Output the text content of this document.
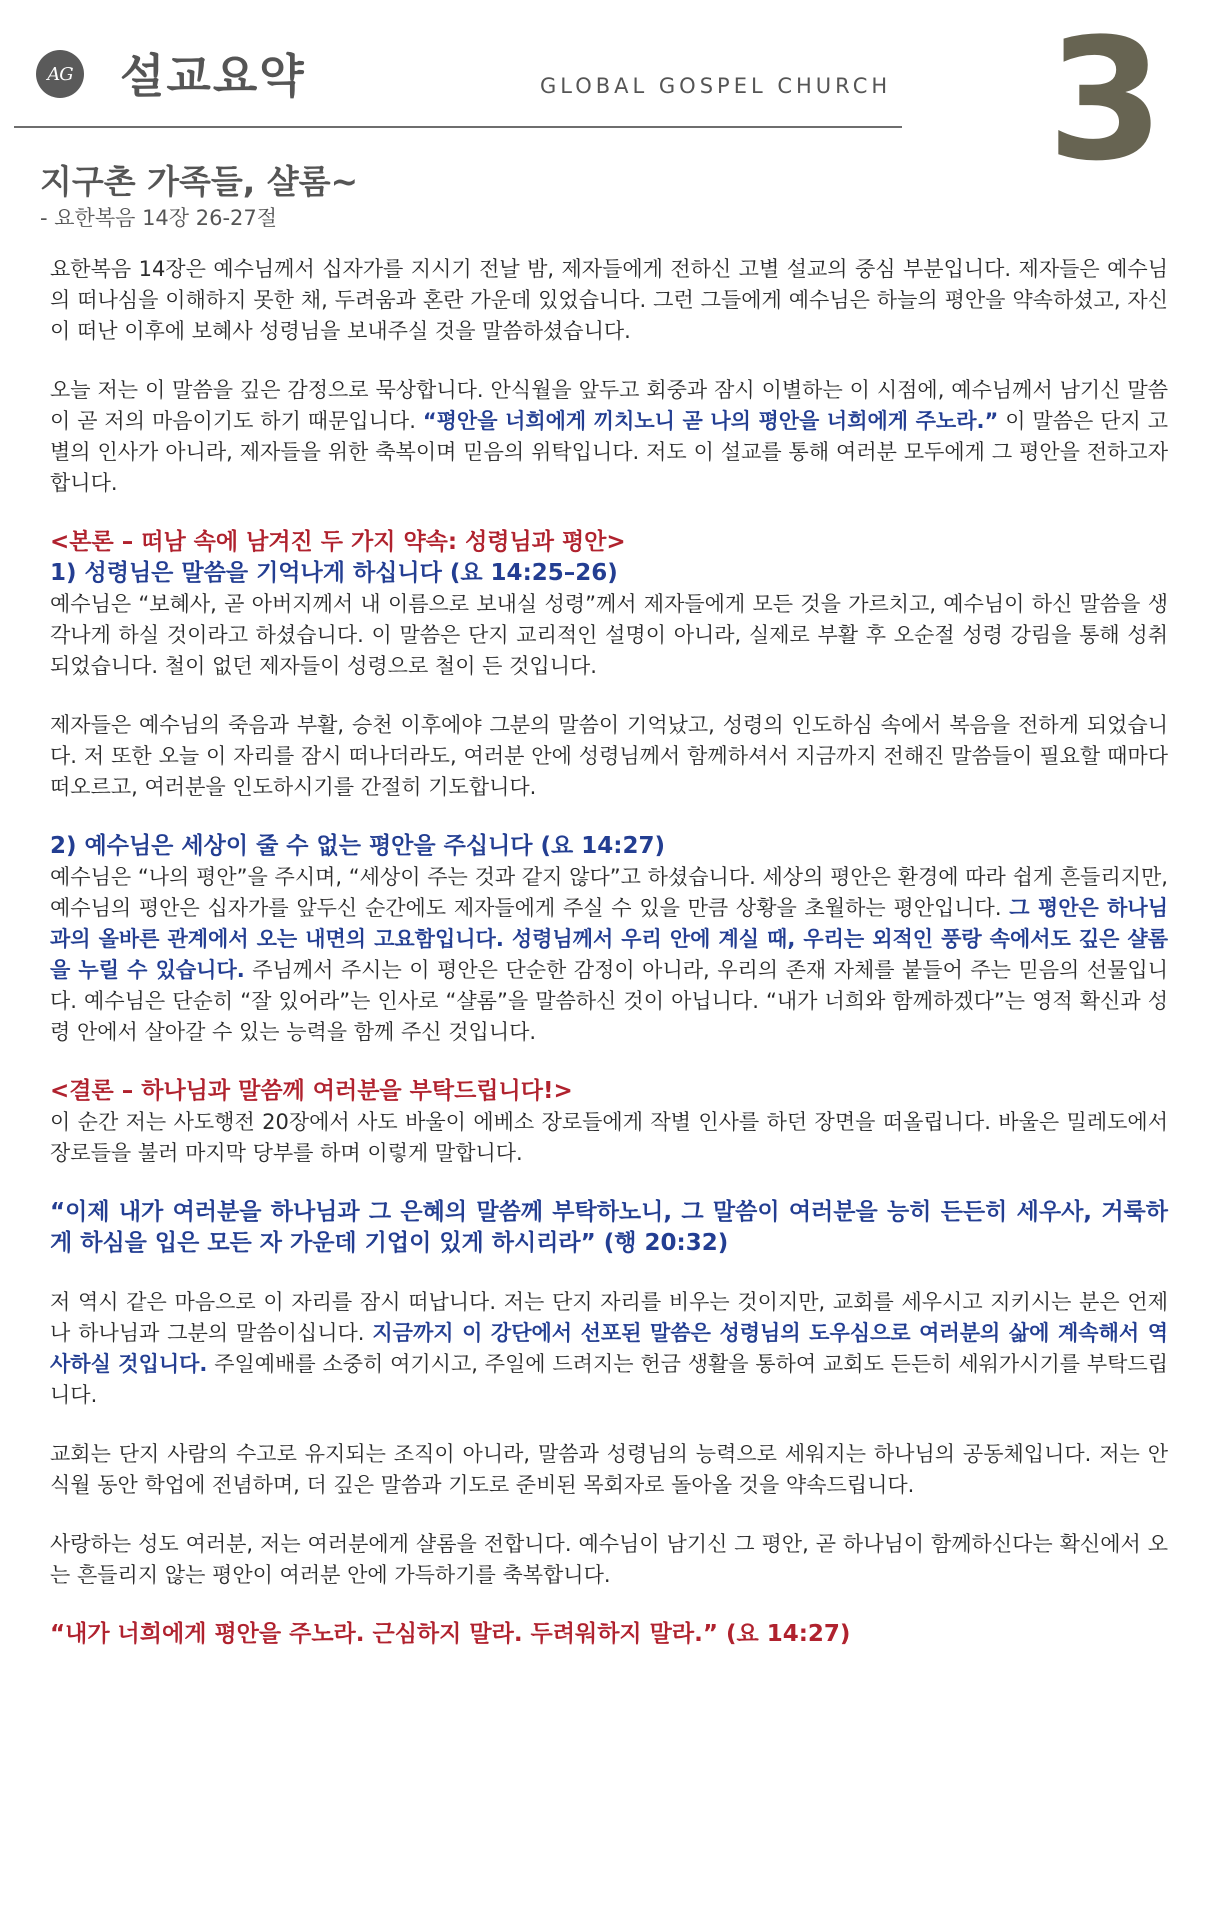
AG 설교요약	GLOBAL GOSPEL CHURCH 3
지구촌 가족들, 샬롬~
- 요한복음 14장 26-27절

요한복음 14장은 예수님께서 십자가를 지시기 전날 밤, 제자들에게 전하신 고별 설교의 중심 부분입니다. 제자들은 예수님의 떠나심을 이해하지 못한 채, 두려움과 혼란 가운데 있었습니다. 그런 그들에게 예수님은 하늘의 평안을 약속하셨고, 자신이 떠난 이후에 보혜사 성령님을 보내주실 것을 말씀하셨습니다.

오늘 저는 이 말씀을 깊은 감정으로 묵상합니다. 안식월을 앞두고 회중과 잠시 이별하는 이 시점에, 예수님께서 남기신 말씀이 곧 저의 마음이기도 하기 때문입니다. “평안을 너희에게 끼치노니 곧 나의 평안을 너희에게 주노라.” 이 말씀은 단지 고별의 인사가 아니라, 제자들을 위한 축복이며 믿음의 위탁입니다. 저도 이 설교를 통해 여러분 모두에게 그 평안을 전하고자 합니다.

<본론 – 떠남 속에 남겨진 두 가지 약속: 성령님과 평안>

1) 성령님은 말씀을 기억나게 하십니다 (요 14:25–26)

예수님은 “보혜사, 곧 아버지께서 내 이름으로 보내실 성령”께서 제자들에게 모든 것을 가르치고, 예수님이 하신 말씀을 생각나게 하실 것이라고 하셨습니다. 이 말씀은 단지 교리적인 설명이 아니라, 실제로 부활 후 오순절 성령 강림을 통해 성취되었습니다. 철이 없던 제자들이 성령으로 철이 든 것입니다.

제자들은 예수님의 죽음과 부활, 승천 이후에야 그분의 말씀이 기억났고, 성령의 인도하심 속에서 복음을 전하게 되었습니다. 저 또한 오늘 이 자리를 잠시 떠나더라도, 여러분 안에 성령님께서 함께하셔서 지금까지 전해진 말씀들이 필요할 때마다 떠오르고, 여러분을 인도하시기를 간절히 기도합니다.

2) 예수님은 세상이 줄 수 없는 평안을 주십니다 (요 14:27)

예수님은 “나의 평안”을 주시며, “세상이 주는 것과 같지 않다”고 하셨습니다. 세상의 평안은 환경에 따라 쉽게 흔들리지만, 예수님의 평안은 십자가를 앞두신 순간에도 제자들에게 주실 수 있을 만큼 상황을 초월하는 평안입니다. 그 평안은 하나님과의 올바른 관계에서 오는 내면의 고요함입니다. 성령님께서 우리 안에 계실 때, 우리는 외적인 풍랑 속에서도 깊은 샬롬을 누릴 수 있습니다. 주님께서 주시는 이 평안은 단순한 감정이 아니라, 우리의 존재 자체를 붙들어 주는 믿음의 선물입니다. 예수님은 단순히 “잘 있어라”는 인사로 “샬롬”을 말씀하신 것이 아닙니다. “내가 너희와 함께하겠다”는 영적 확신과 성령 안에서 살아갈 수 있는 능력을 함께 주신 것입니다.

<결론 – 하나님과 말씀께 여러분을 부탁드립니다!>

이 순간 저는 사도행전 20장에서 사도 바울이 에베소 장로들에게 작별 인사를 하던 장면을 떠올립니다. 바울은 밀레도에서 장로들을 불러 마지막 당부를 하며 이렇게 말합니다.

“이제 내가 여러분을 하나님과 그 은혜의 말씀께 부탁하노니, 그 말씀이 여러분을 능히 든든히 세우사, 거룩하게 하심을 입은 모든 자 가운데 기업이 있게 하시리라” (행 20:32)

저 역시 같은 마음으로 이 자리를 잠시 떠납니다. 저는 단지 자리를 비우는 것이지만, 교회를 세우시고 지키시는 분은 언제나 하나님과 그분의 말씀이십니다. 지금까지 이 강단에서 선포된 말씀은 성령님의 도우심으로 여러분의 삶에 계속해서 역사하실 것입니다. 주일예배를 소중히 여기시고, 주일에 드려지는 헌금 생활을 통하여 교회도 든든히 세워가시기를 부탁드립니다.

교회는 단지 사람의 수고로 유지되는 조직이 아니라, 말씀과 성령님의 능력으로 세워지는 하나님의 공동체입니다. 저는 안식월 동안 학업에 전념하며, 더 깊은 말씀과 기도로 준비된 목회자로 돌아올 것을 약속드립니다.

사랑하는 성도 여러분, 저는 여러분에게 샬롬을 전합니다. 예수님이 남기신 그 평안, 곧 하나님이 함께하신다는 확신에서 오는 흔들리지 않는 평안이 여러분 안에 가득하기를 축복합니다.

“내가 너희에게 평안을 주노라. 근심하지 말라. 두려워하지 말라.” (요 14:27)
